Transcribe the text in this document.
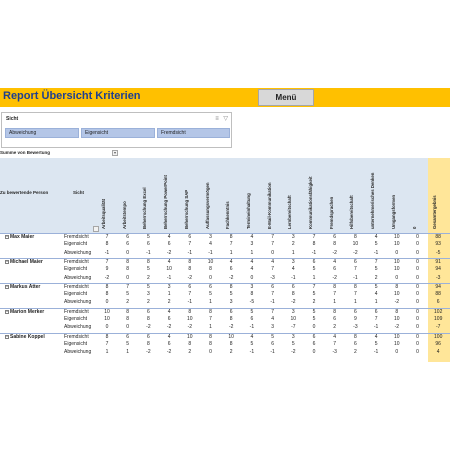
Report Übersicht Kriterien	Menü
Sicht	≡ ▽
Abweichung	Eigensicht	Fremdsicht
Summe von Bewertung	▾
Zu bewertende Person	Sicht
Arbeitsqualität	Arbeitstempo	Beherrschung Excel	Beherrschung PowerPoint	Beherrschung SAP	Auffassungsvermögen	Fachkenntnis	Termineinhaltung	E-Mail-Kommunikation	Lernbereitschaft	Kommunikationsfähigkeit	Fremdsprachen	Hilfsbereitschaft	unternehmerisches Denken	Umgangsformen	0	Gesamtergebnis
− Max Maier	Fremdsicht	7	6	5	4	6	3	8	4	7	3	7	6	8	4	10	0	88
Eigensicht	8	6	6	6	7	4	7	3	7	2	8	8	10	5	10	0	93
Abweichung	-1	0	-1	-2	-1	-1	1	1	0	1	-1	-2	-2	-1	0	0	-5
− Michael Maier	Fremdsicht	7	8	8	4	8	10	4	4	4	3	6	4	6	7	10	0	91
Eigensicht	9	8	5	10	8	8	6	4	7	4	5	6	7	5	10	0	94
Abweichung	-2	0	2	-1	-2	0	-2	0	-3	-1	1	-2	-1	2	0	0	-3
− Markus Atter	Fremdsicht	8	7	5	3	6	6	8	3	6	6	7	8	8	5	8	0	94
Eigensicht	8	5	3	1	7	5	5	8	7	8	5	7	7	4	10	0	88
Abweichung	0	2	2	2	-1	1	3	-5	-1	-2	2	1	1	1	-2	0	6
− Marion Merker	Fremdsicht	10	8	6	4	8	8	6	5	7	3	5	8	6	6	8	0	102
Eigensicht	10	8	8	6	10	7	8	6	4	10	5	6	9	7	10	0	109
Abweichung	0	0	-2	-2	-2	1	-2	-1	3	-7	0	2	-3	-1	-2	0	-7
− Sabine Koppel	Fremdsicht	8	6	6	4	10	8	10	4	5	3	6	4	8	4	10	0	100
Eigensicht	7	5	8	6	8	8	8	5	6	5	6	7	6	5	10	0	96
Abweichung	1	1	-2	-2	2	0	2	-1	-1	-2	0	-3	2	-1	0	0	4
